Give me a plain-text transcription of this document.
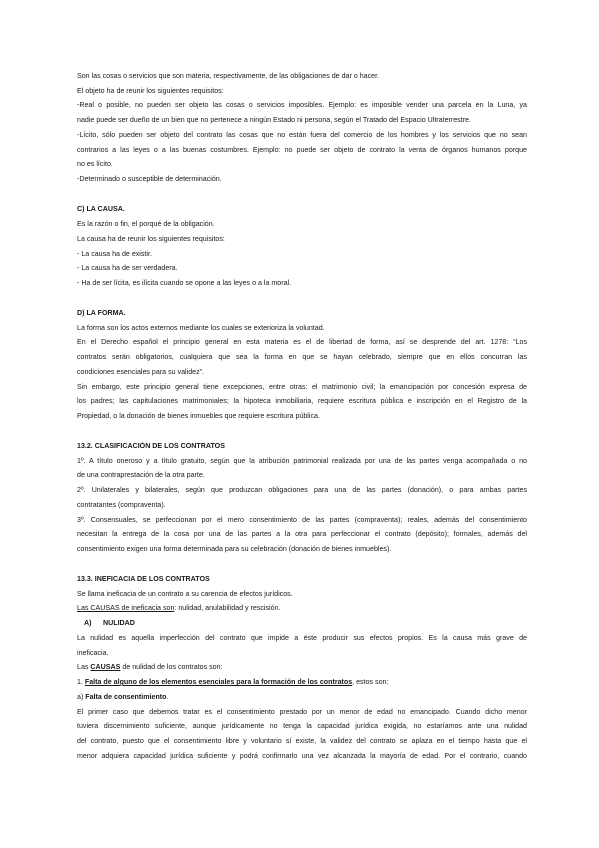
Son las cosas o servicios que son materia, respectivamente, de las obligaciones de dar o hacer.
El objeto ha de reunir los siguientes requisitos:
-Real o posible, no pueden ser objeto las cosas o servicios imposibles. Ejemplo: es imposible vender una parcela en la Luna, ya
nadie puede ser dueño de un bien que no pertenece a ningún Estado ni persona, según el Tratado del Espacio Ultraterrestre.
-Lícito, sólo pueden ser objeto del contrato las cosas que no están fuera del comercio de los hombres y los servicios que no sean
contrarios a las leyes o a las buenas costumbres. Ejemplo: no puede ser objeto de contrato la venta de órganos humanos porque
no es lícito.
-Determinado o susceptible de determinación.
C) LA CAUSA.
Es la razón o fin, el porqué de la obligación.
La causa ha de reunir los siguientes requisitos:
- La causa ha de existir.
- La causa ha de ser verdadera.
- Ha de ser lícita, es ilícita cuando se opone a las leyes o a la moral.
D) LA FORMA.
La forma son los actos externos mediante los cuales se exterioriza la voluntad.
En el Derecho español el principio general en esta materia es el de libertad de forma, así se desprende del art. 1278: “Los
contratos serán obligatorios, cualquiera que sea la forma en que se hayan celebrado, siempre que en ellos concurran las
condiciones esenciales para su validez”.
Sin embargo, este principio general tiene excepciones, entre otras: el matrimonio civil; la emancipación por concesión expresa de
los padres; las capitulaciones matrimoniales; la hipoteca inmobiliaria, requiere escritura pública e inscripción en el Registro de la
Propiedad, o la donación de bienes inmuebles que requiere escritura pública.
13.2. CLASIFICACIÓN DE LOS CONTRATOS
1º. A título oneroso y a título gratuito, según que la atribución patrimonial realizada por una de las partes venga acompañada o no
de una contraprestación de la otra parte.
2º. Unilaterales y bilaterales, según que produzcan obligaciones para una de las partes (donación), o para ambas partes
contratantes (compraventa).
3º. Consensuales, se perfeccionan por el mero consentimiento de las partes (compraventa); reales, además del consentimiento
necesitan la entrega de la cosa por una de las partes a la otra para perfeccionar el contrato (depósito); formales, además del
consentimiento exigen una forma determinada para su celebración (donación de bienes inmuebles).
13.3. INEFICACIA DE LOS CONTRATOS
Se llama ineficacia de un contrato a su carencia de efectos jurídicos.
Las CAUSAS de ineficacia son: nulidad, anulabilidad y rescisión.
A) NULIDAD
La nulidad es aquella imperfección del contrato que impide a éste producir sus efectos propios. Es la causa más grave de
ineficacia.
Las CAUSAS de nulidad de los contratos son:
1. Falta de alguno de los elementos esenciales para la formación de los contratos, estos son:
a) Falta de consentimiento.
El primer caso que debemos tratar es el consentimiento prestado por un menor de edad no emancipado. Cuando dicho menor
tuviera discernimiento suficiente, aunque jurídicamente no tenga la capacidad jurídica exigida, no estaríamos ante una nulidad
del contrato, puesto que el consentimiento libre y voluntario sí existe, la validez del contrato se aplaza en el tiempo hasta que el
menor adquiera capacidad jurídica suficiente y podrá confirmarlo una vez alcanzada la mayoría de edad. Por el contrario, cuando
